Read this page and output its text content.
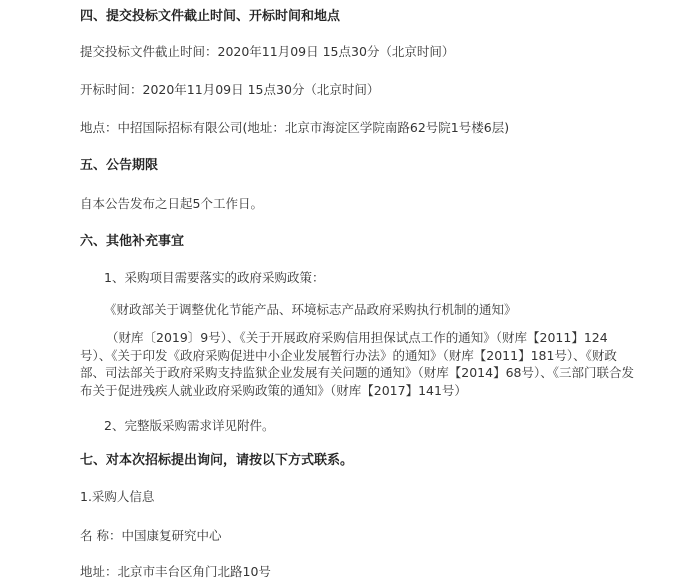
四、提交投标文件截止时间、开标时间和地点
提交投标文件截止时间：2020年11月09日 15点30分（北京时间）
开标时间：2020年11月09日 15点30分（北京时间）
地点：中招国际招标有限公司(地址：北京市海淀区学院南路62号院1号楼6层)
五、公告期限
自本公告发布之日起5个工作日。
六、其他补充事宜
1、采购项目需要落实的政府采购政策：
《财政部关于调整优化节能产品、环境标志产品政府采购执行机制的通知》
（财库〔2019〕9号）、《关于开展政府采购信用担保试点工作的通知》（财库【2011】124号）、《关于印发《政府采购促进中小企业发展暂行办法》的通知》（财库【2011】181号）、《财政部、司法部关于政府采购支持监狱企业发展有关问题的通知》（财库【2014】68号）、《三部门联合发布关于促进残疾人就业政府采购政策的通知》（财库【2017】141号）
2、完整版采购需求详见附件。
七、对本次招标提出询问，请按以下方式联系。
1.采购人信息
名 称：中国康复研究中心
地址：北京市丰台区角门北路10号
